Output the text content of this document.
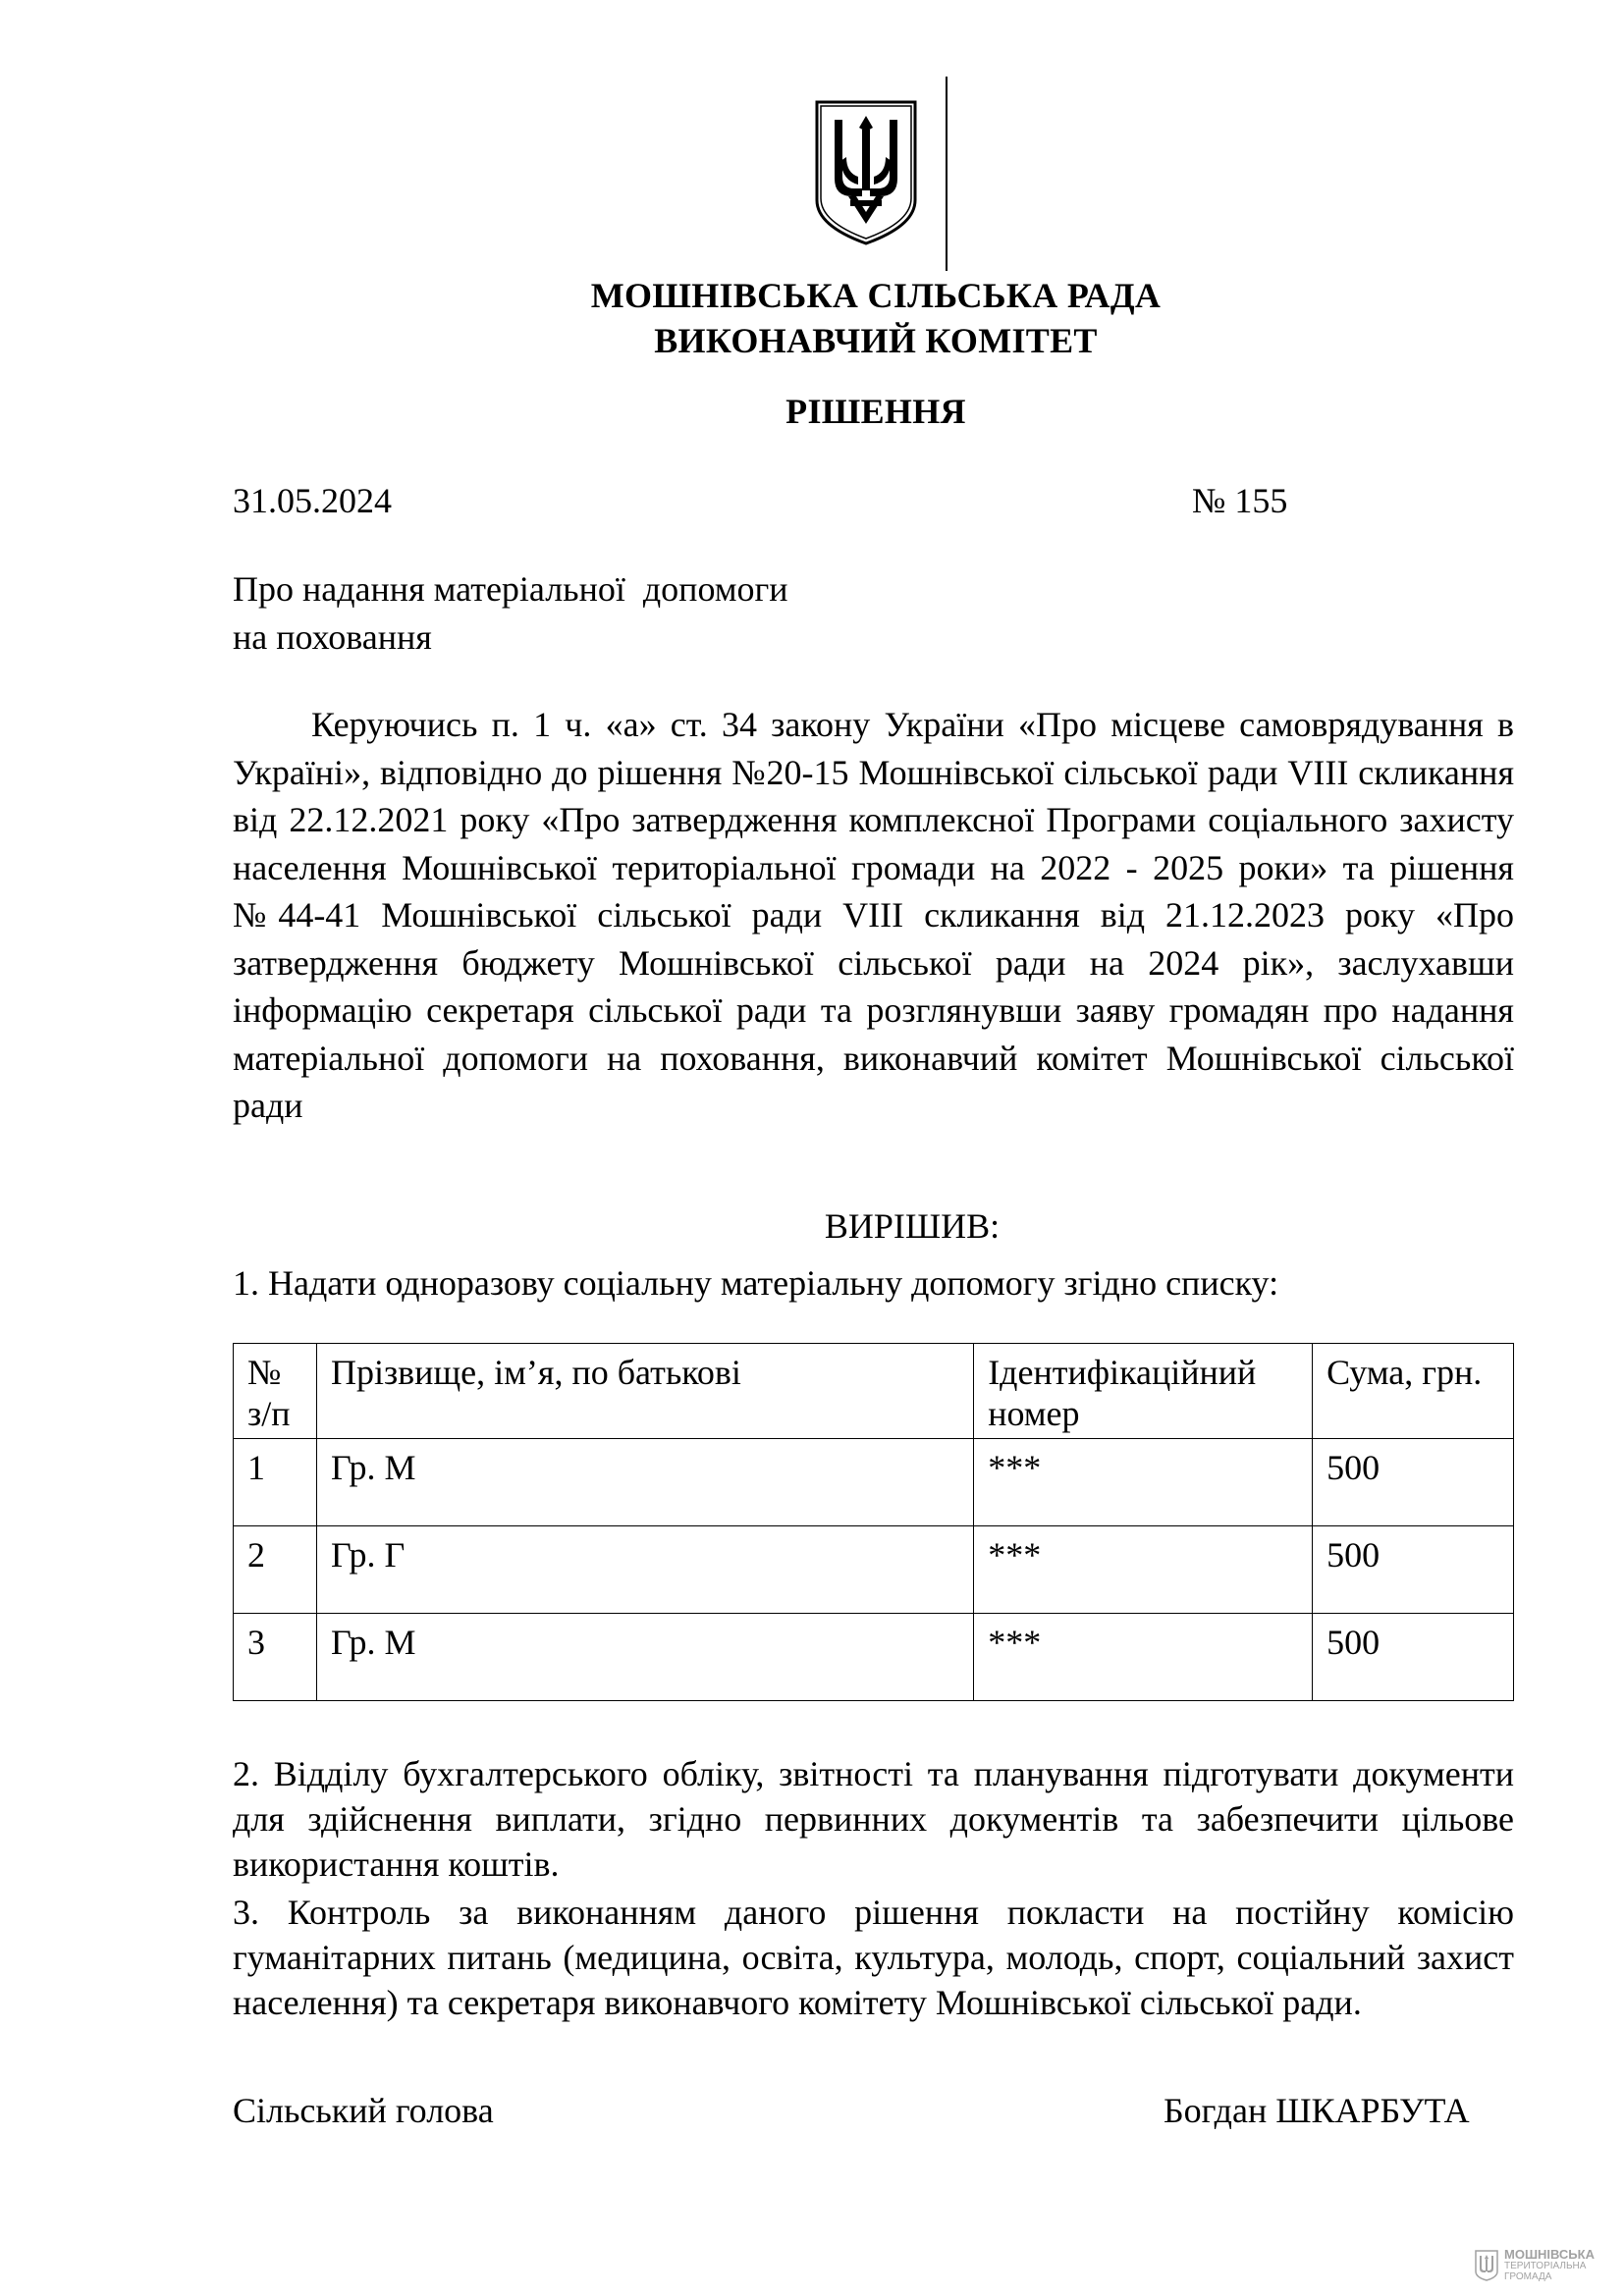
МОШНІВСЬКА СІЛЬСЬКА РАДА
ВИКОНАВЧИЙ КОМІТЕТ
РІШЕННЯ
31.05.2024	№ 155
Про надання матеріальної  допомоги
на поховання
Керуючись п. 1 ч. «а» ст. 34 закону України «Про місцеве самоврядування в Україні», відповідно до рішення №20-15 Мошнівської сільської ради VIII скликання від 22.12.2021 року «Про затвердження комплексної Програми соціального захисту населення Мошнівської територіальної громади на 2022 - 2025 роки» та рішення №44-41 Мошнівської сільської ради VIII скликання від 21.12.2023 року «Про затвердження бюджету Мошнівської сільської ради на 2024 рік», заслухавши інформацію секретаря сільської ради та розглянувши заяву громадян про надання матеріальної допомоги на поховання, виконавчий комітет Мошнівської сільської ради
ВИРІШИВ:
1. Надати одноразову соціальну матеріальну допомогу згідно списку:
№ з/п	Прізвище, ім’я, по батькові	Ідентифікаційний номер	Сума, грн.
1	Гр. М	***	500
2	Гр. Г	***	500
3	Гр. М	***	500
2. Відділу бухгалтерського обліку, звітності та планування підготувати документи для здійснення виплати, згідно первинних документів та забезпечити цільове використання коштів.
3. Контроль за виконанням даного рішення покласти на постійну комісію гуманітарних питань (медицина, освіта, культура, молодь, спорт, соціальний захист населення) та секретаря виконавчого комітету Мошнівської сільської ради.
Сільський голова	Богдан ШКАРБУТА
МОШНІВСЬКА
ТЕРИТОРІАЛЬНА
ГРОМАДА
